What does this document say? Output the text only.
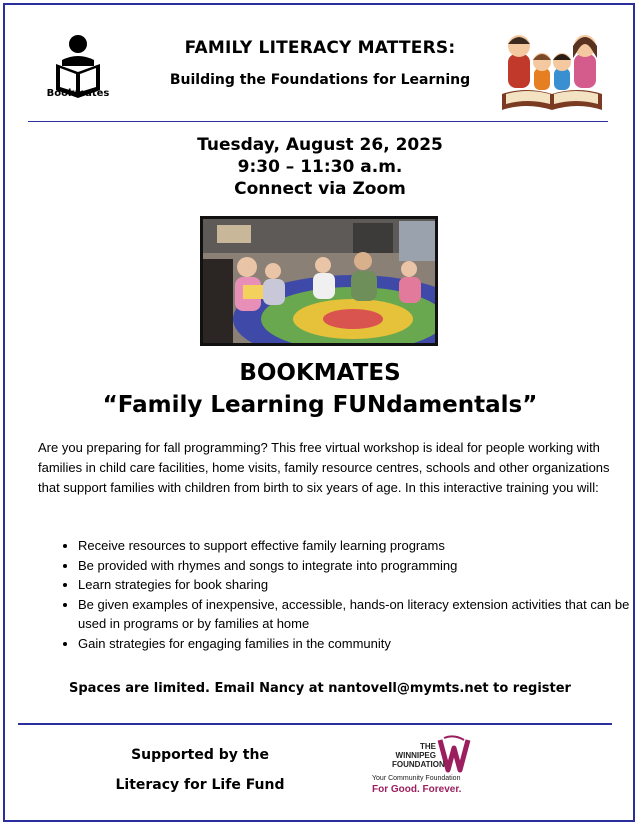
Bookmates
FAMILY LITERACY MATTERS:
Building the Foundations for Learning
Tuesday, August 26, 2025
9:30 – 11:30 a.m.
Connect via Zoom
BOOKMATES
“Family Learning FUNdamentals”

Are you preparing for fall programming? This free virtual workshop is ideal for people working with families in child care facilities, home visits, family resource centres, schools and other organizations that support families with children from birth to six years of age. In this interactive training you will:

• Receive resources to support effective family learning programs
• Be provided with rhymes and songs to integrate into programming
• Learn strategies for book sharing
• Be given examples of inexpensive, accessible, hands-on literacy extension activities that can be used in programs or by families at home
• Gain strategies for engaging families in the community
Spaces are limited. Email Nancy at nantovell@mymts.net to register
Supported by the
Literacy for Life Fund
THE
WINNIPEG
FOUNDATION
Your Community Foundation
For Good. Forever.
